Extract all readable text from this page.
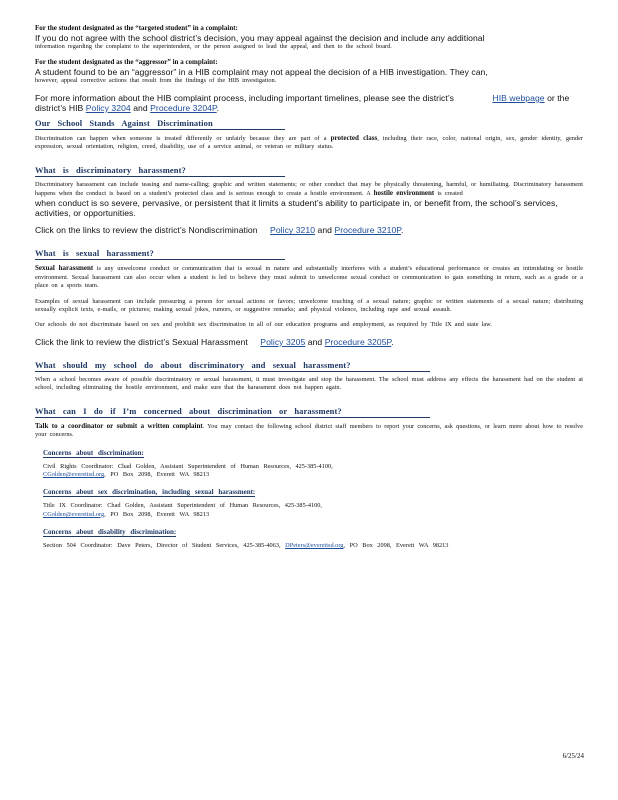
For the student designated as the “targeted student” in a complaint:

If you do not agree with the school district’s decision, you may appeal against the decision and include any additional

information regarding the complaint to the superintendent, or the person assigned to lead the appeal, and then to the school board.

For the student designated as the “aggressor” in a complaint:

A student found to be an “aggressor” in a HIB complaint may not appeal the decision of a HIB investigation. They can,

however, appeal corrective actions that result from the findings of the HIB investigation.

For more information about the HIB complaint process, including important timelines, please see the district’s	HIB webpage or the district’s HIB Policy 3204 and Procedure 3204P.

Our School Stands Against Discrimination

Discrimination can happen when someone is treated differently or unfairly because they are part of a protected class, including their race, color, national origin, sex, gender identity, gender expression, sexual orientation, religion, creed, disability, use of a service animal, or veteran or military status.

What is discriminatory harassment?

Discriminatory harassment can include teasing and name-calling; graphic and written statements; or other conduct that may be physically threatening, harmful, or humiliating. Discriminatory harassment happens when the conduct is based on a student’s protected class and is serious enough to create a hostile environment. A hostile environment is created

when conduct is so severe, pervasive, or persistent that it limits a student’s ability to participate in, or benefit from, the school’s services, activities, or opportunities.

Click on the links to review the district’s Nondiscrimination Policy 3210 and Procedure 3210P.

What is sexual harassment?

Sexual harassment is any unwelcome conduct or communication that is sexual in nature and substantially interferes with a student’s educational performance or creates an intimidating or hostile environment. Sexual harassment can also occur when a student is led to believe they must submit to unwelcome sexual conduct or communication to gain something in return, such as a grade or a place on a sports team.

Examples of sexual harassment can include pressuring a person for sexual actions or favors; unwelcome touching of a sexual nature; graphic or written statements of a sexual nature; distributing sexually explicit texts, e-mails, or pictures; making sexual jokes, rumors, or suggestive remarks; and physical violence, including rape and sexual assault.

Our schools do not discriminate based on sex and prohibit sex discrimination in all of our education programs and employment, as required by Title IX and state law.

Click the link to review the district’s Sexual Harassment Policy 3205 and Procedure 3205P.

What should my school do about discriminatory and sexual harassment?

When a school becomes aware of possible discriminatory or sexual harassment, it must investigate and stop the harassment. The school must address any effects the harassment had on the student at school, including eliminating the hostile environment, and make sure that the harassment does not happen again.

What can I do if I’m concerned about discrimination or harassment?

Talk to a coordinator or submit a written complaint. You may contact the following school district staff members to report your concerns, ask questions, or learn more about how to resolve your concerns.

Concerns about discrimination:

Civil Rights Coordinator: Chad Golden, Assistant Superintendent of Human Resources, 425-385-4100,

CGolden@everettsd.org, PO Box 2098, Everett WA 98213

Concerns about sex discrimination, including sexual harassment:

Title IX Coordinator: Chad Golden, Assistant Superintendent of Human Resources, 425-385-4100,

CGolden@everettsd.org, PO Box 2098, Everett WA 98213

Concerns about disability discrimination:

Section 504 Coordinator: Dave Peters, Director of Student Services, 425-385-4063, DPeters@everettsd.org, PO Box 2098, Everett WA 98213

6/25/24
